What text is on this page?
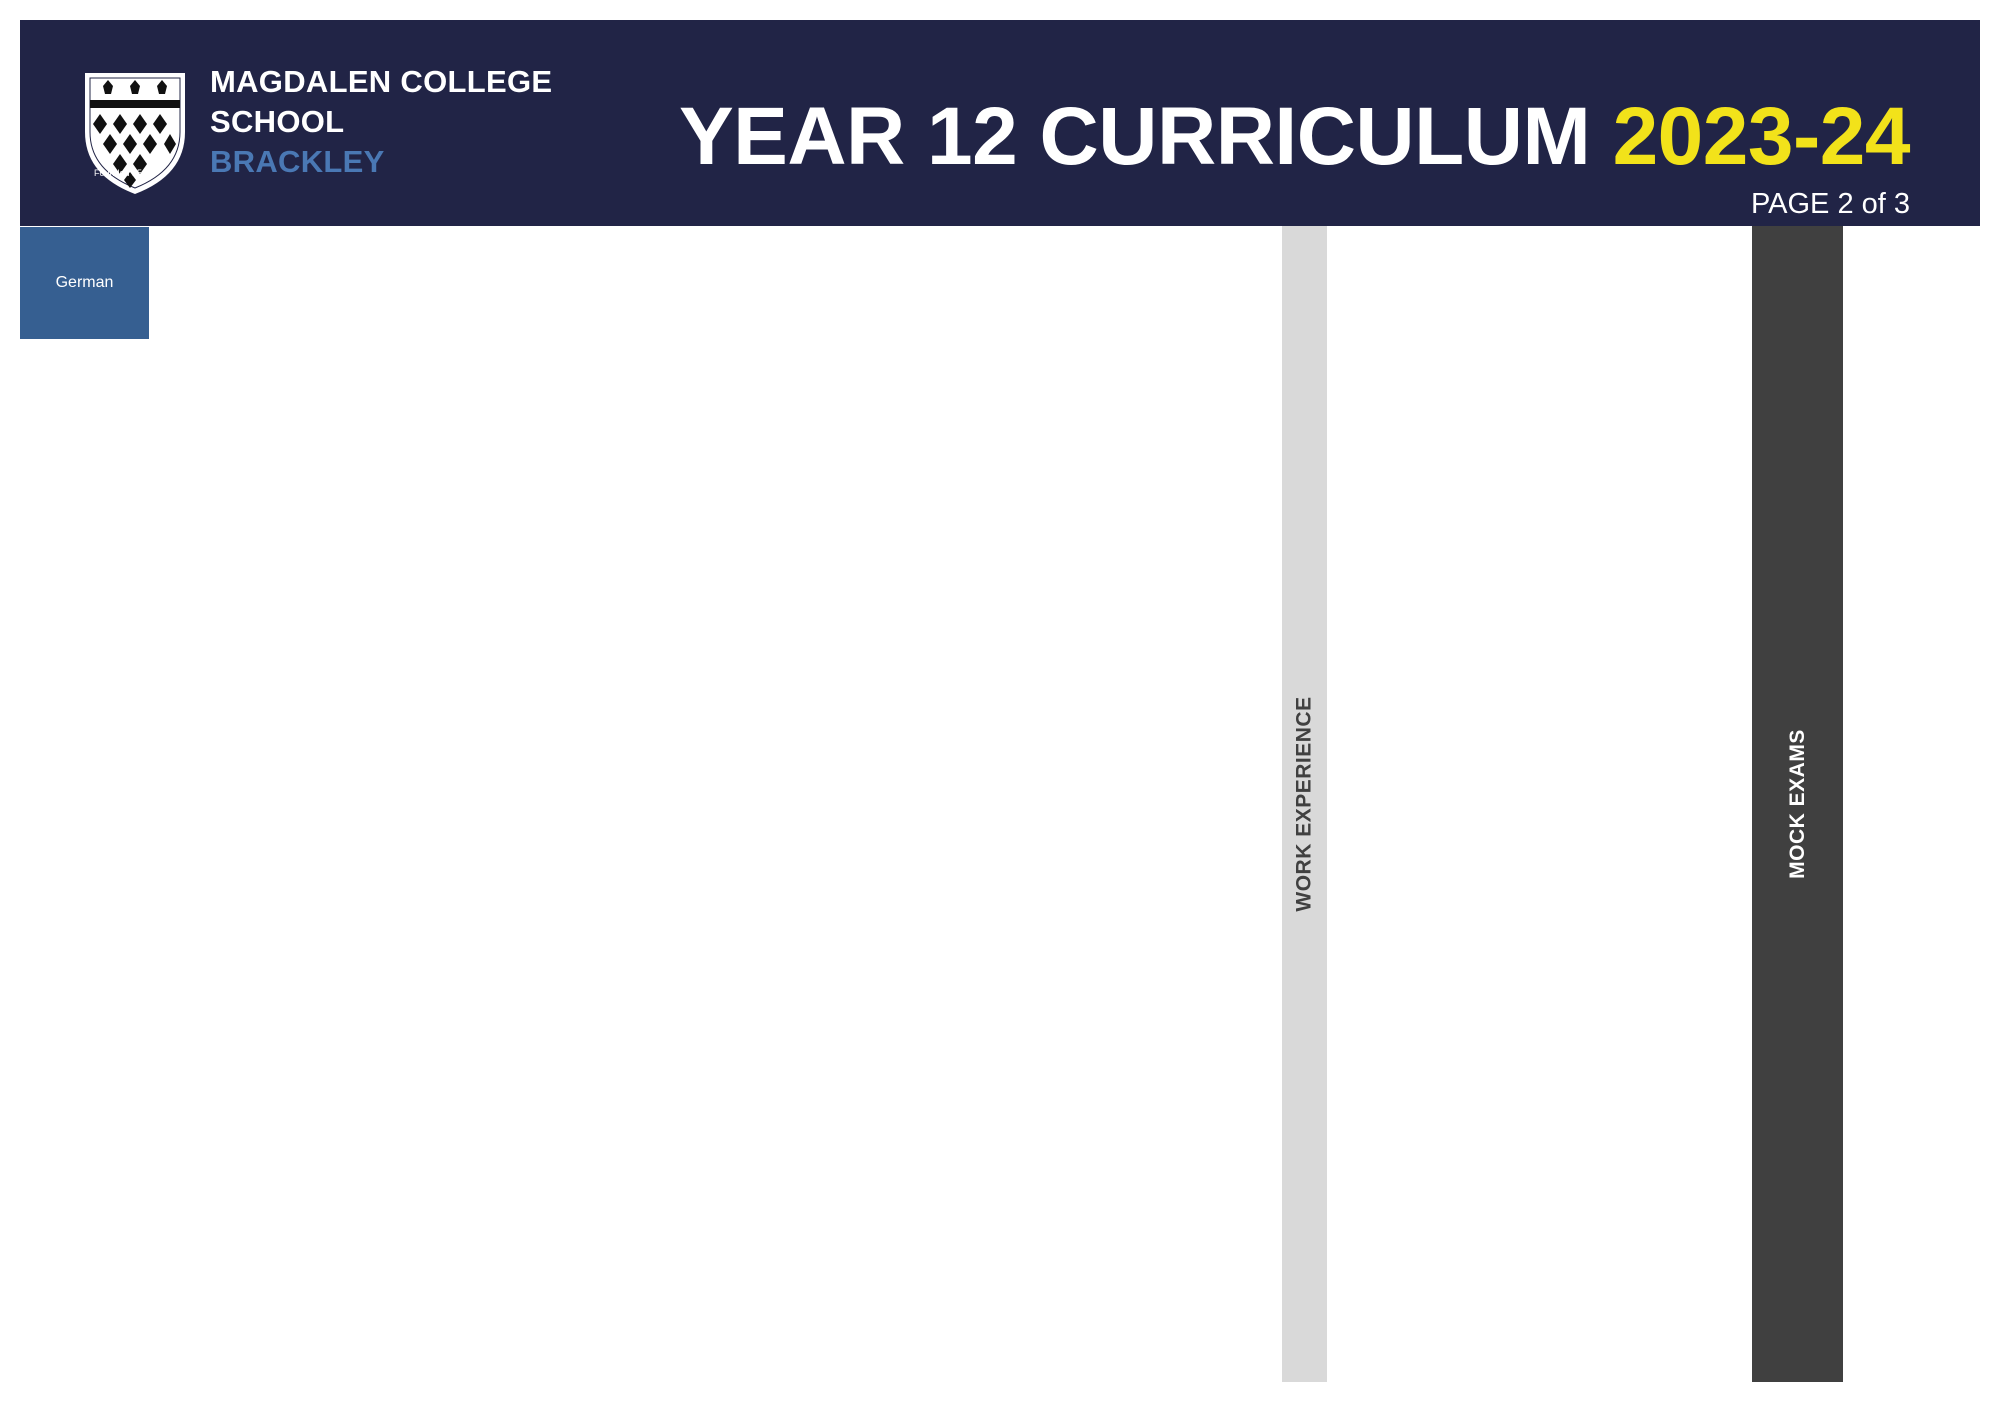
Founded 1548
MAGDALEN COLLEGE
SCHOOL
BRACKLEY	YEAR 12 CURRICULUM 2023-24
PAGE 2 of 3
WORK EXPERIENCE	MOCK EXAMS
German
